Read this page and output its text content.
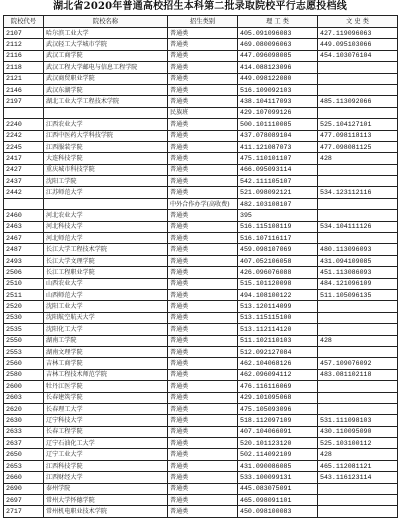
湖北省2020年普通高校招生本科第二批录取院校平行志愿投档线
院校代号	院校名称	招生类别	理 工 类	文 史 类
2107	哈尔滨工业大学	普通类	405.091096083	427.119096063
2112	武汉轻工大学城市学院	普通类	469.080096063	449.095103066
2116	武汉工商学院	普通类	447.096098085	454.103076104
2118	武汉工程大学邮电与信息工程学院	普通类	414.088123096	
2121	武汉商贸职业学院	普通类	449.098122080	
2146	武汉东湖学院	普通类	516.109092103	
2197	湖北工业大学工程技术学院	普通类	438.104117093	485.113092066
		民族班	429.107099126	
2240	江西农业大学	普通类	500.101110085	525.104127101
2242	江西中医药大学科技学院	普通类	437.078089104	477.098118113
2245	江西服装学院	普通类	411.121087073	477.098081125
2417	大连科技学院	普通类	475.110101107	428
2427	重庆城市科技学院	普通类	466.095093114	
2437	沈阳工学院	普通类	542.111105107	
2442	江苏师范大学	普通类	521.098092121	534.123112116
		中外合作办学(高收费)	482.103108107	
2460	河北农业大学	普通类	395	
2463	河北科技大学	普通类	516.115108119	534.104111126
2467	河北师范大学	普通类	516.107116117	
2487	长江大学工程技术学院	普通类	459.098107069	480.113096093
2493	长江大学文理学院	普通类	407.052106058	431.094109085
2506	长江工程职业学院	普通类	426.096076088	451.113086093
2510	山西农业大学	普通类	515.101120098	484.121096109
2511	山西师范大学	普通类	494.108100122	511.105096135
2520	沈阳工业大学	普通类	513.120114099	
2530	沈阳航空航天大学	普通类	513.115115100	
2535	沈阳化工大学	普通类	513.112114120	
2550	湖南工学院	普通类	511.102110103	428
2553	湖南文理学院	普通类	512.092127084	
2560	吉林工商学院	普通类	462.104068126	457.109076092
2580	吉林工程技术师范学院	普通类	462.096094112	483.081102118
2600	牡丹江医学院	普通类	476.116116069	
2603	长春建筑学院	普通类	429.101095068	
2620	长春理工大学	普通类	475.105093096	
2630	辽宁科技大学	普通类	518.112097109	531.111098103
2633	长春工程学院	普通类	407.104066091	430.110095090
2637	辽宁石油化工大学	普通类	520.101123120	525.103100112
2650	辽宁工业大学	普通类	502.114092109	428
2653	江西科技学院	普通类	431.090086085	465.112081121
2660	江西财经大学	普通类	533.100099131	543.116123114
2690	泰州学院	普通类	445.083075091	
2697	常州大学怀德学院	普通类	465.098091101	
2717	常州机电职业技术学院	普通类	450.098100083	
